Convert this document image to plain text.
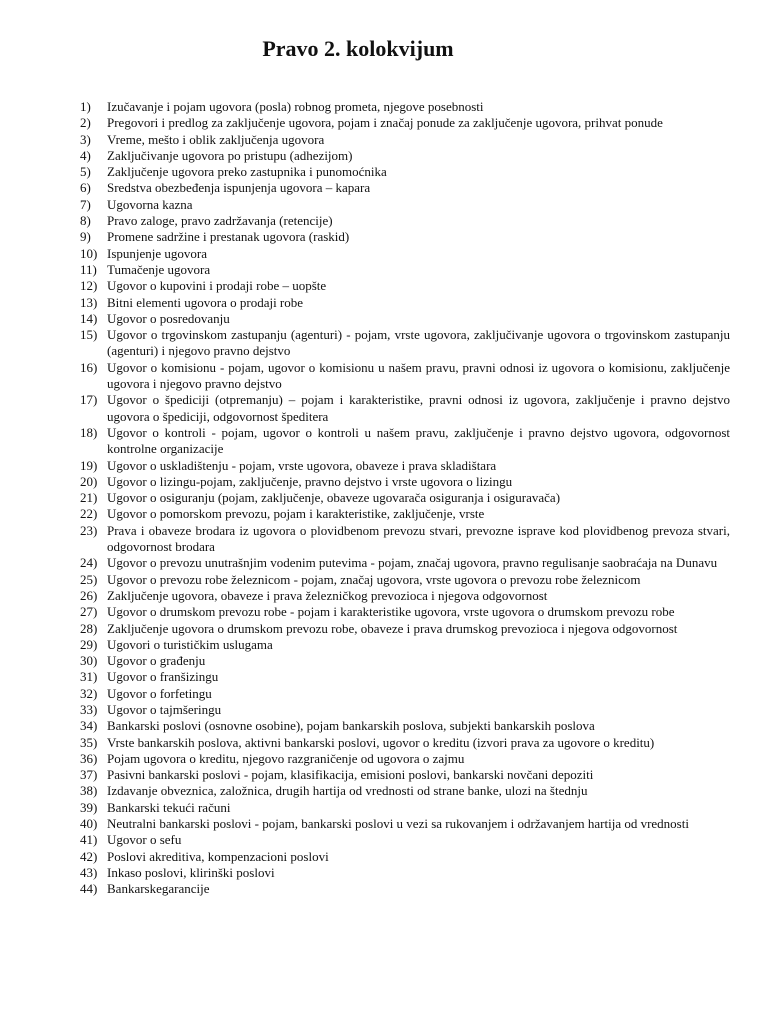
Pravo 2. kolokvijum
1)	Izučavanje i pojam ugovora (posla) robnog prometa, njegove posebnosti
2)	Pregovori i predlog za zaključenje ugovora, pojam i značaj ponude za zaključenje ugovora, prihvat ponude
3)	Vreme, mešto i oblik zaključenja ugovora
4)	Zaključivanje ugovora po pristupu (adhezijom)
5)	Zaključenje ugovora preko zastupnika i punomoćnika
6)	Sredstva obezbeđenja ispunjenja ugovora – kapara
7)	Ugovorna kazna
8)	Pravo zaloge, pravo zadržavanja (retencije)
9)	Promene sadržine i prestanak ugovora (raskid)
10) Ispunjenje ugovora
11) Tumačenje ugovora
12) Ugovor o kupovini i prodaji robe – uopšte
13) Bitni elementi ugovora o prodaji robe
14) Ugovor o posredovanju
15) Ugovor o trgovinskom zastupanju (agenturi) - pojam, vrste ugovora, zaključivanje ugovora o trgovinskom zastupanju (agenturi) i njegovo pravno dejstvo
16) Ugovor o komisionu - pojam, ugovor o komisionu u našem pravu, pravni odnosi iz ugovora o komisionu, zaključenje ugovora i njegovo pravno dejstvo
17) Ugovor o špediciji (otpremanju) – pojam i karakteristike, pravni odnosi iz ugovora, zaključenje i pravno dejstvo ugovora o špediciji, odgovornost špeditera
18) Ugovor o kontroli - pojam, ugovor o kontroli u našem pravu, zaključenje i pravno dejstvo ugovora, odgovornost kontrolne organizacije
19) Ugovor o uskladištenju - pojam, vrste ugovora, obaveze i prava skladištara
20) Ugovor o lizingu-pojam, zaključenje, pravno dejstvo i vrste ugovora o lizingu
21) Ugovor o osiguranju (pojam, zaključenje, obaveze ugovarača osiguranja i osiguravača)
22) Ugovor o pomorskom prevozu, pojam i karakteristike, zaključenje, vrste
23) Prava i obaveze brodara iz ugovora o plovidbenom prevozu stvari, prevozne isprave kod plovidbenog prevoza stvari, odgovornost brodara
24) Ugovor o prevozu unutrašnjim vodenim putevima - pojam, značaj ugovora, pravno regulisanje saobraćaja na Dunavu
25) Ugovor o prevozu robe železnicom - pojam, značaj ugovora, vrste ugovora o prevozu robe železnicom
26) Zaključenje ugovora, obaveze i prava železničkog prevozioca i njegova odgovornost
27) Ugovor o drumskom prevozu robe - pojam i karakteristike ugovora, vrste ugovora o drumskom prevozu robe
28) Zaključenje ugovora o drumskom prevozu robe, obaveze i prava drumskog prevozioca i njegova odgovornost
29) Ugovori o turističkim uslugama
30) Ugovor o građenju
31) Ugovor o franšizingu
32) Ugovor o forfetingu
33) Ugovor o tajmšeringu
34) Bankarski poslovi (osnovne osobine), pojam bankarskih poslova, subjekti bankarskih poslova
35) Vrste bankarskih poslova, aktivni bankarski poslovi, ugovor o kreditu (izvori prava za ugovore o kreditu)
36) Pojam ugovora o kreditu, njegovo razgraničenje od ugovora o zajmu
37) Pasivni bankarski poslovi - pojam, klasifikacija, emisioni poslovi, bankarski novčani depoziti
38) Izdavanje obveznica, založnica, drugih hartija od vrednosti od strane banke, ulozi na štednju
39) Bankarski tekući računi
40) Neutralni bankarski poslovi - pojam, bankarski poslovi u vezi sa rukovanjem i održavanjem hartija od vrednosti
41) Ugovor o sefu
42) Poslovi akreditiva, kompenzacioni poslovi
43) Inkaso poslovi, klirinški poslovi
44) Bankarskegarancije
